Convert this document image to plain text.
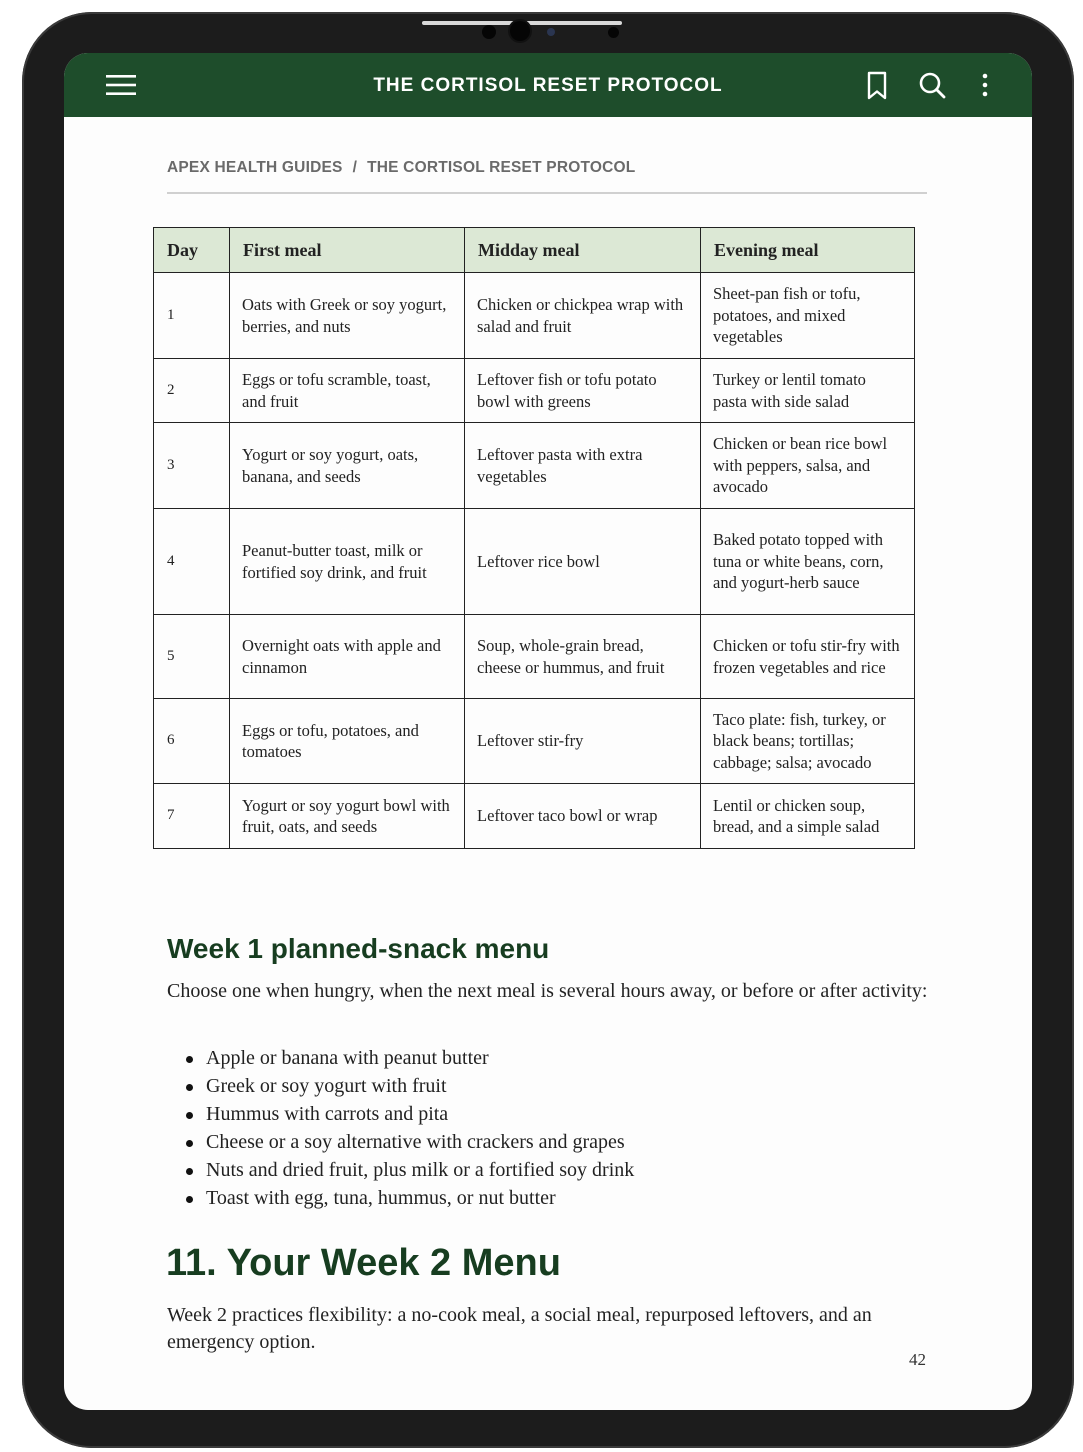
THE CORTISOL RESET PROTOCOL
APEX HEALTH GUIDES / THE CORTISOL RESET PROTOCOL
Day	First meal	Midday meal	Evening meal
1	Oats with Greek or soy yogurt, berries, and nuts	Chicken or chickpea wrap with salad and fruit	Sheet-pan fish or tofu, potatoes, and mixed vegetables
2	Eggs or tofu scramble, toast, and fruit	Leftover fish or tofu potato bowl with greens	Turkey or lentil tomato pasta with side salad
3	Yogurt or soy yogurt, oats, banana, and seeds	Leftover pasta with extra vegetables	Chicken or bean rice bowl with peppers, salsa, and avocado
4	Peanut-butter toast, milk or fortified soy drink, and fruit	Leftover rice bowl	Baked potato topped with tuna or white beans, corn, and yogurt-herb sauce
5	Overnight oats with apple and cinnamon	Soup, whole-grain bread, cheese or hummus, and fruit	Chicken or tofu stir-fry with frozen vegetables and rice
6	Eggs or tofu, potatoes, and tomatoes	Leftover stir-fry	Taco plate: fish, turkey, or black beans; tortillas; cabbage; salsa; avocado
7	Yogurt or soy yogurt bowl with fruit, oats, and seeds	Leftover taco bowl or wrap	Lentil or chicken soup, bread, and a simple salad
Week 1 planned-snack menu

Choose one when hungry, when the next meal is several hours away, or before or after activity:

Apple or banana with peanut butter
Greek or soy yogurt with fruit
Hummus with carrots and pita
Cheese or a soy alternative with crackers and grapes
Nuts and dried fruit, plus milk or a fortified soy drink
Toast with egg, tuna, hummus, or nut butter
11. Your Week 2 Menu

Week 2 practices flexibility: a no-cook meal, a social meal, repurposed leftovers, and an emergency option.

42
